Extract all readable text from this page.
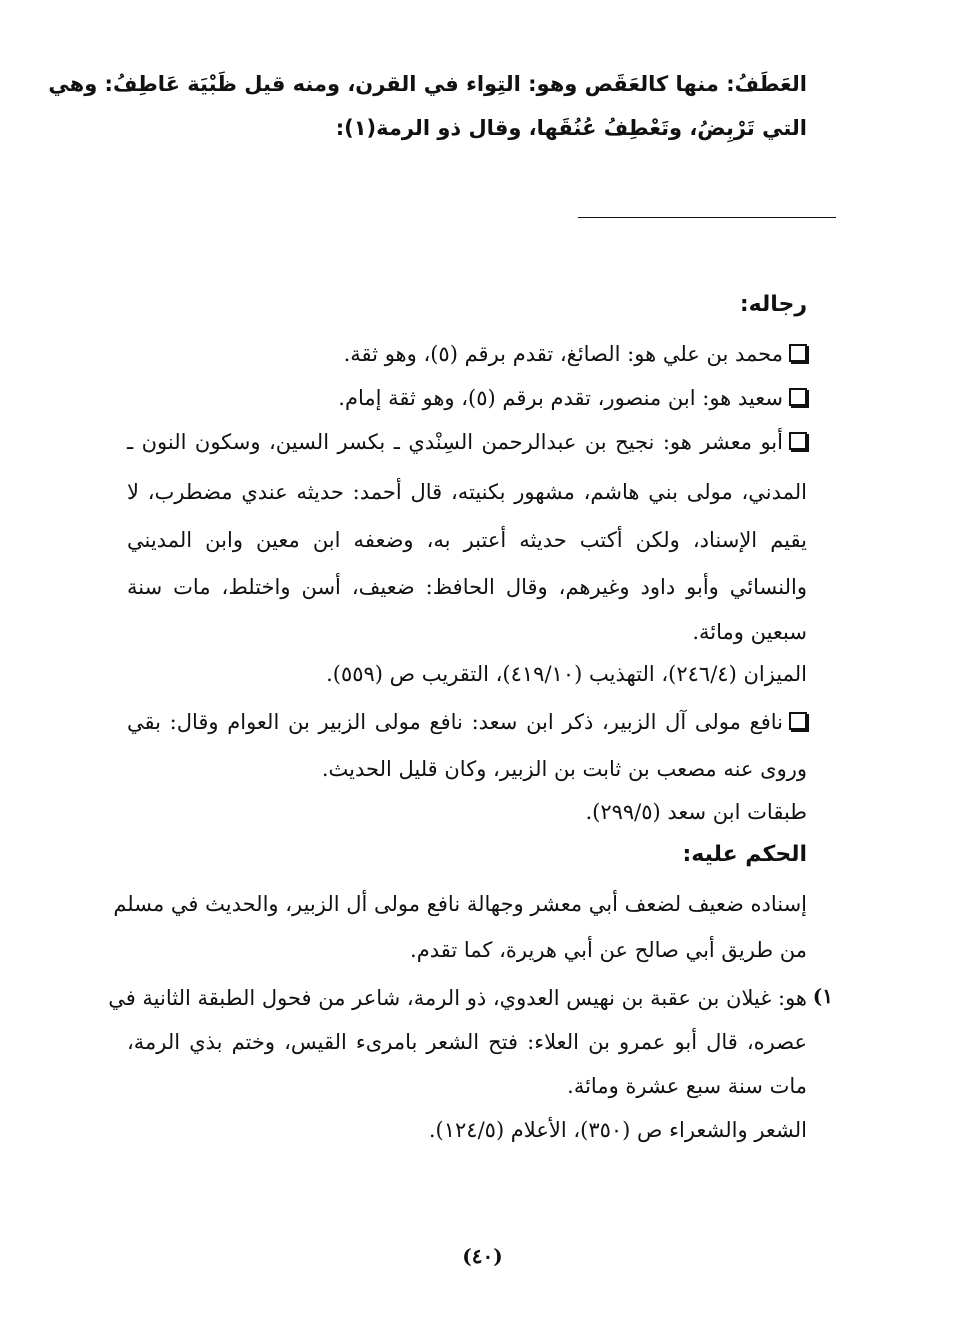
العَطَفُ: منها كالعَقَص وهو: التِواء في القرن، ومنه قيل ظَبْيَة عَاطِفُ: وهي
التي تَرْبِضُ، وتَعْطِفُ عُنُقَها، وقال ذو الرمة(١):
رجاله:
محمد بن علي هو: الصائغ، تقدم برقم (٥)، وهو ثقة.
سعيد هو: ابن منصور، تقدم برقم (٥)، وهو ثقة إمام.
أبو معشر هو: نجيح بن عبدالرحمن السِنْدي ـ بكسر السين، وسكون النون ـ
المدني، مولى بني هاشم، مشهور بكنيته، قال أحمد: حديثه عندي مضطرب، لا
يقيم الإسناد، ولكن أكتب حديثه أعتبر به، وضعفه ابن معين وابن المديني
والنسائي وأبو داود وغيرهم، وقال الحافظ: ضعيف، أسن واختلط، مات سنة
سبعين ومائة.
الميزان (٢٤٦/٤)، التهذيب (٤١٩/١٠)، التقريب ص (٥٥٩).
نافع مولى آل الزبير، ذكر ابن سعد: نافع مولى الزبير بن العوام وقال: بقي
وروى عنه مصعب بن ثابت بن الزبير، وكان قليل الحديث.
طبقات ابن سعد (٢٩٩/٥).
الحكم عليه:
إسناده ضعيف لضعف أبي معشر وجهالة نافع مولى أل الزبير، والحديث في مسلم
من طريق أبي صالح عن أبي هريرة، كما تقدم.
١)
هو: غيلان بن عقبة بن نهيس العدوي، ذو الرمة، شاعر من فحول الطبقة الثانية في
عصره، قال أبو عمرو بن العلاء: فتح الشعر بامرىء القيس، وختم بذي الرمة،
مات سنة سبع عشرة ومائة.
الشعر والشعراء ص (٣٥٠)، الأعلام (١٢٤/٥).
(٤٠)
